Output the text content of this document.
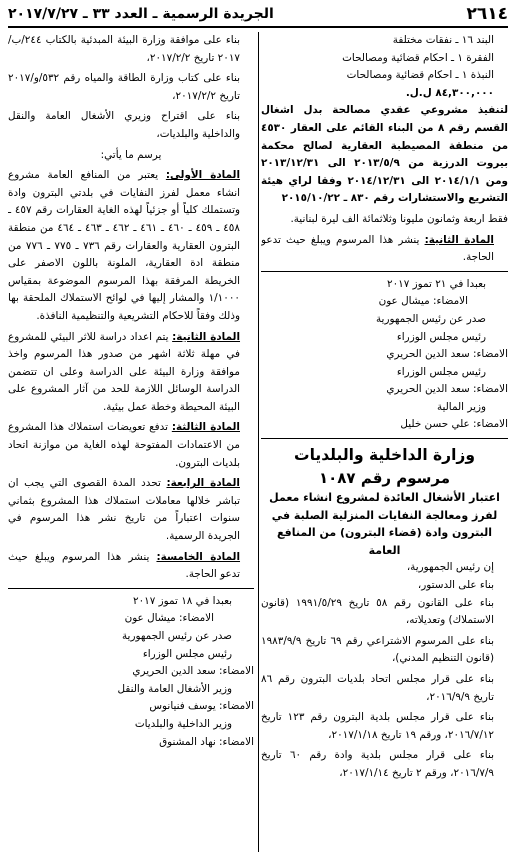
٢٦١٤
الجريدة الرسمية ـ العدد ٣٣ ـ ٢٠١٧/٧/٢٧
البند ١٦ ـ نفقات مختلفة
الفقرة ١ ـ احكام قضائية ومصالحات
النبذة ١ ـ احكام قضائية ومصالحات
٨٤,٣٠٠,٠٠٠ ل.ل.
لتنفيذ مشروعي عقدي مصالحة بدل اشغال القسم رقم ٨ من البناء القائم على العقار ٤٥٣٠ من منطقة المصيطبة العقارية لصالح محكمة بيروت الدرزية من ٢٠١٣/٥/٩ الى ٢٠١٣/١٢/٣١ ومن ٢٠١٤/١/١ الى ٢٠١٤/١٢/٣١ وفقا لراي هيئة التشريع والاستشارات رقم ٨٣٠ ـ ٢٠١٥/١٠/٢٢
فقط اربعة وثمانون مليونا وثلاثمائة الف ليرة لبنانية.
المادة الثانية: ينشر هذا المرسوم ويبلغ حيث تدعو الحاجة.
بعبدا في ٢١ تموز ٢٠١٧
الامضاء: ميشال عون
صدر عن رئيس الجمهورية
رئيس مجلس الوزراء
الامضاء: سعد الدين الحريري
رئيس مجلس الوزراء
الامضاء: سعد الدين الحريري
وزير المالية
الامضاء: علي حسن خليل
وزارة الداخلية والبلديات
مرسوم رقم ١٠٨٧
اعتبار الأشغال العائدة لمشروع انشاء معمل لفرز ومعالجة النفايات المنزلية الصلبة في البترون وادة (قضاء البترون) من المنافع العامة
إن رئيس الجمهورية،
بناء على الدستور،
بناء على القانون رقم ٥٨ تاريخ ١٩٩١/٥/٢٩ (قانون الاستملاك) وتعديلاته،
بناء على المرسوم الاشتراعي رقم ٦٩ تاريخ ١٩٨٣/٩/٩ (قانون التنظيم المدني)،
بناء على قرار مجلس اتحاد بلديات البترون رقم ٨٦ تاريخ ٢٠١٦/٩/٩،
بناء على قرار مجلس بلدية البترون رقم ١٢٣ تاريخ ٢٠١٦/٧/١٢، ورقم ١٩ تاريخ ٢٠١٧/١/١٨،
بناء على قرار مجلس بلدية وادة رقم ٦٠ تاريخ ٢٠١٦/٧/٩، ورقم ٢ تاريخ ٢٠١٧/١/١٤،
بناء على موافقة وزارة البيئة المبدئية بالكتاب ٢٤٤/ب/٢٠١٧ تاريخ ٢٠١٧/٢/٢،
بناء على كتاب وزارة الطاقة والمياه رقم ٥٣٢/و/٢٠١٧ تاريخ ٢٠١٧/٢/٢،
بناء على اقتراح وزيري الأشغال العامة والنقل والداخلية والبلديات،
يرسم ما يأتي:
المادة الأولى: يعتبر من المنافع العامة مشروع انشاء معمل لفرز النفايات في بلدتي البترون وادة وتستملك كلياً أو جزئياً لهذه الغاية العقارات رقم ٤٥٧ ـ ٤٥٨ ـ ٤٥٩ ـ ٤٦٠ ـ ٤٦١ ـ ٤٦٢ ـ ٤٦٣ ـ ٤٦٤ من منطقة البترون العقارية والعقارات رقم ٧٣٦ ـ ٧٧٥ ـ ٧٧٦ من منطقة ادة العقارية، الملونة باللون الاصفر على الخريطة المرفقة بهذا المرسوم الموضوعة بمقياس ١/١٠٠٠ والمشار إليها في لوائح الاستملاك الملحقة بها وذلك وفقاً للاحكام التشريعية والتنظيمية النافذة.
المادة الثانية: يتم اعداد دراسة للاثر البيئي للمشروع في مهلة ثلاثة اشهر من صدور هذا المرسوم واخذ موافقة وزارة البيئة على الدراسة وعلى ان تتضمن الدراسة الوسائل اللازمة للحد من آثار المشروع على البيئة المحيطة وخطة عمل بيئية.
المادة الثالثة: تدفع تعويضات استملاك هذا المشروع من الاعتمادات المفتوحة لهذه الغاية من موازنة اتحاد بلديات البترون.
المادة الرابعة: تحدد المدة القصوى التي يجب ان تباشر خلالها معاملات استملاك هذا المشروع بثماني سنوات اعتباراً من تاريخ نشر هذا المرسوم في الجريدة الرسمية.
المادة الخامسة: ينشر هذا المرسوم ويبلغ حيث تدعو الحاجة.
بعبدا في ١٨ تموز ٢٠١٧
الامضاء: ميشال عون
صدر عن رئيس الجمهورية
رئيس مجلس الوزراء
الامضاء: سعد الدين الحريري
وزير الأشغال العامة والنقل
الامضاء: يوسف فنيانوس
وزير الداخلية والبلديات
الامضاء: نهاد المشنوق
